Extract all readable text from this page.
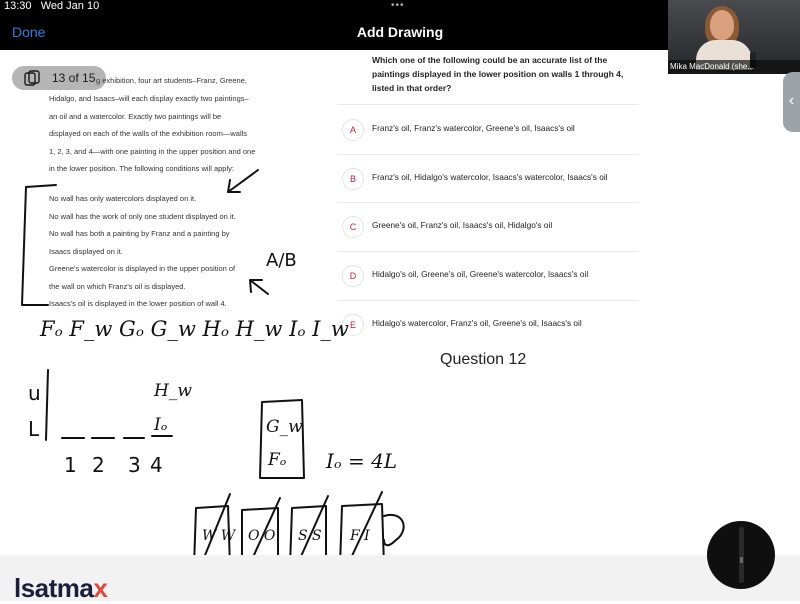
13:30 Wed Jan 10	•••
Done	Add Drawing
Mika MacDonald (she...
13 of 15 g exhibition, four art students–Franz, Greene,

Hidalgo, and Isaacs–will each display exactly two paintings–

an oil and a watercolor. Exactly two paintings will be

displayed on each of the walls of the exhibition room—walls

1, 2, 3, and 4—with one painting in the upper position and one

in the lower position. The following conditions will apply:

No wall has only watercolors displayed on it.

No wall has the work of only one student displayed on it.

No wall has both a painting by Franz and a painting by

Isaacs displayed on it.

Greene's watercolor is displayed in the upper position of

the wall on which Franz's oil is displayed.

Isaacs's oil is displayed in the lower position of wall 4.

Which one of the following could be an accurate list of the paintings displayed in the lower position on walls 1 through 4, listed in that order?
A	Franz's oil, Franz's watercolor, Greene's oil, Isaacs's oil
B	Franz's oil, Hidalgo's watercolor, Isaacs's watercolor, Isaacs's oil
C	Greene's oil, Franz's oil, Isaacs's oil, Hidalgo's oil
D	Hidalgo's oil, Greene's oil, Greene's watercolor, Isaacs's oil
E	Hidalgo's watercolor, Franz's oil, Greene's oil, Isaacs's oil
Question 12
‹
A/B
Fₒ F_w Gₒ G_w Hₒ H_w Iₒ I_w
u
L
1 2 3 4
H_w
Iₒ	G_w
Fₒ Iₒ = 4L
W W O O S S F I
lsatmax
